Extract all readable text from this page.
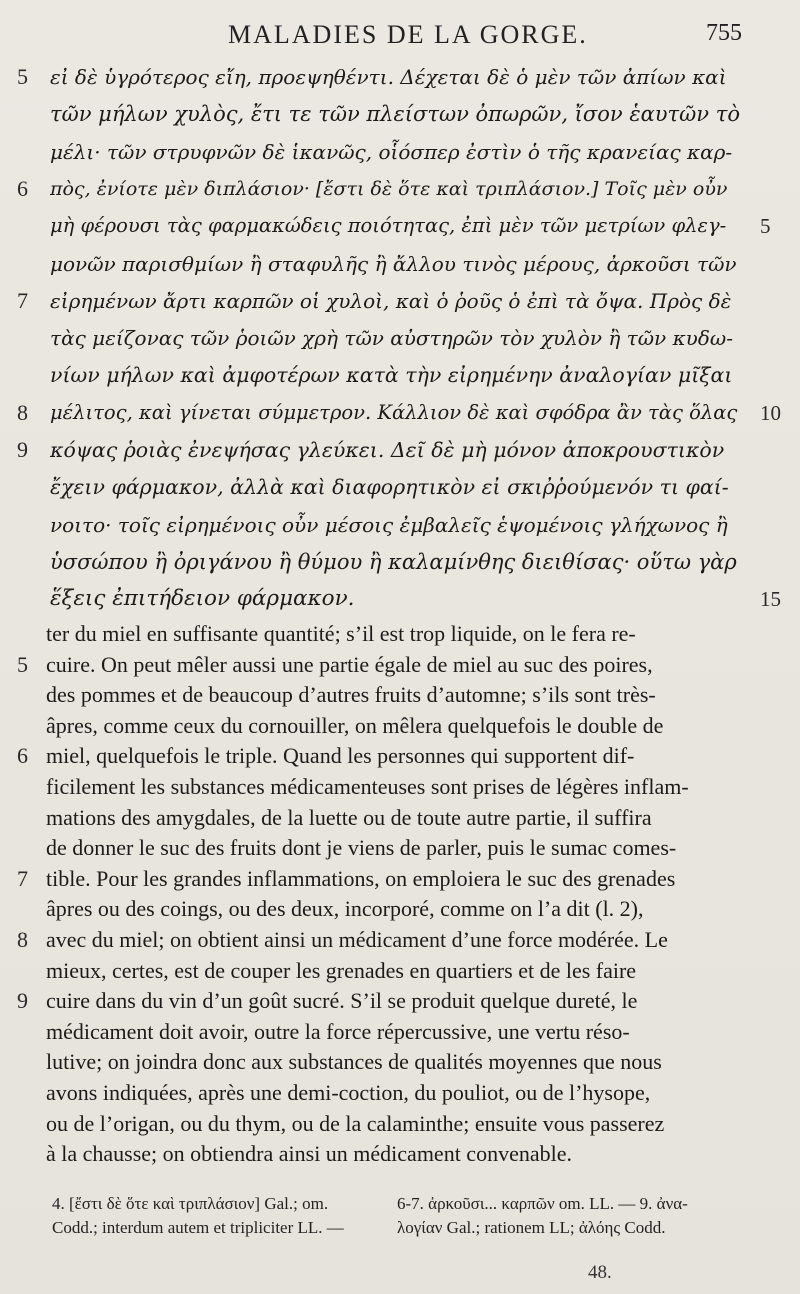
MALADIES DE LA GORGE.	755
5 εἰ δὲ ὑγρότερος εἴη, προεψηθέντι. Δέχεται δὲ ὁ μὲν τῶν ἀπίων καὶ
τῶν μήλων χυλὸς, ἔτι τε τῶν πλείστων ὀπωρῶν, ἴσον ἑαυτῶν τὸ
μέλι· τῶν στρυφνῶν δὲ ἱκανῶς, οἷόσπερ ἐστὶν ὁ τῆς κρανείας καρ-
6 πὸς, ἐνίοτε μὲν διπλάσιον· [ἔστι δὲ ὅτε καὶ τριπλάσιον.] Τοῖς μὲν οὖν
μὴ φέρουσι τὰς φαρμακώδεις ποιότητας, ἐπὶ μὲν τῶν μετρίων φλεγ-	5
μονῶν παρισθμίων ἢ σταφυλῆς ἢ ἄλλου τινὸς μέρους, ἀρκοῦσι τῶν
7 εἰρημένων ἄρτι καρπῶν οἱ χυλοὶ, καὶ ὁ ῥοῦς ὁ ἐπὶ τὰ ὄψα. Πρὸς δὲ
τὰς μείζονας τῶν ῥοιῶν χρὴ τῶν αὐστηρῶν τὸν χυλὸν ἢ τῶν κυδω-
νίων μήλων καὶ ἀμφοτέρων κατὰ τὴν εἰρημένην ἀναλογίαν μῖξαι
8 μέλιτος, καὶ γίνεται σύμμετρον. Κάλλιον δὲ καὶ σφόδρα ἂν τὰς ὅλας 10
9 κόψας ῥοιὰς ἐνεψήσας γλεύκει. Δεῖ δὲ μὴ μόνον ἀποκρουστικὸν
ἔχειν φάρμακον, ἀλλὰ καὶ διαφορητικὸν εἰ σκιῤῥούμενόν τι φαί-
νοιτο· τοῖς εἰρημένοις οὖν μέσοις ἐμβαλεῖς ἑψομένοις γλήχωνος ἢ
ὑσσώπου ἢ ὀριγάνου ἢ θύμου ἢ καλαμίνθης διειθίσας· οὕτω γὰρ
ἕξεις ἐπιτήδειον φάρμακον.	15
ter du miel en suffisante quantité; s’il est trop liquide, on le fera re-
5 cuire. On peut mêler aussi une partie égale de miel au suc des poires,
des pommes et de beaucoup d’autres fruits d’automne; s’ils sont très-
âpres, comme ceux du cornouiller, on mêlera quelquefois le double de
6 miel, quelquefois le triple. Quand les personnes qui supportent dif-
ficilement les substances médicamenteuses sont prises de légères inflam-
mations des amygdales, de la luette ou de toute autre partie, il suffira
de donner le suc des fruits dont je viens de parler, puis le sumac comes-
7 tible. Pour les grandes inflammations, on emploiera le suc des grenades
âpres ou des coings, ou des deux, incorporé, comme on l’a dit (l. 2),
8 avec du miel; on obtient ainsi un médicament d’une force modérée. Le
mieux, certes, est de couper les grenades en quartiers et de les faire
9 cuire dans du vin d’un goût sucré. S’il se produit quelque dureté, le
médicament doit avoir, outre la force répercussive, une vertu réso-
lutive; on joindra donc aux substances de qualités moyennes que nous
avons indiquées, après une demi-coction, du pouliot, ou de l’hysope,
ou de l’origan, ou du thym, ou de la calaminthe; ensuite vous passerez
à la chausse; on obtiendra ainsi un médicament convenable.
4. [ἔστι δὲ ὅτε καὶ τριπλάσιον] Gal.; om.
Codd.; interdum autem et tripliciter LL. —
6-7. ἀρκοῦσι... καρπῶν om. LL. — 9. ἀνα-
λογίαν Gal.; rationem LL; ἀλόης Codd.
48.
